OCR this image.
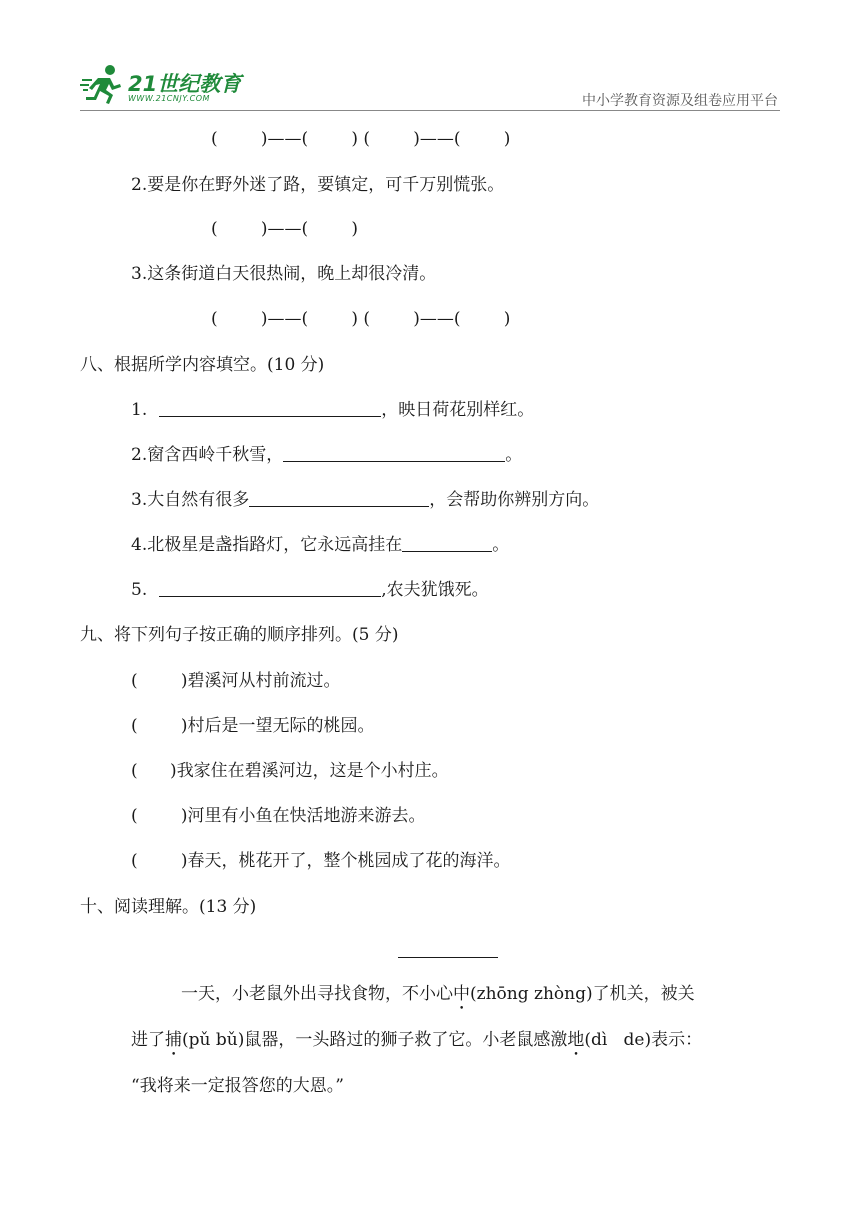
21世纪教育
WWW.21CNJY.COM	中小学教育资源及组卷应用平台
(        )——(        ) (        )——(        )
2.要是你在野外迷了路，要镇定，可千万别慌张。
(        )——(        )
3.这条街道白天很热闹，晚上却很冷清。
(        )——(        ) (        )——(        )
八、根据所学内容填空。(10 分)
1.	，映日荷花别样红。
2.窗含西岭千秋雪，	。
3.大自然有很多	，会帮助你辨别方向。
4.北极星是盏指路灯，它永远高挂在	。
5.	,农夫犹饿死。
九、将下列句子按正确的顺序排列。(5 分)
(        )碧溪河从村前流过。
(        )村后是一望无际的桃园。
(      )我家住在碧溪河边，这是个小村庄。
(        )河里有小鱼在快活地游来游去。
(        )春天，桃花开了，整个桃园成了花的海洋。
十、阅读理解。(13 分)
一天，小老鼠外出寻找食物，不小心中(zhōng zhòng)了机关，被关
进了捕(pǔ bǔ)鼠器，一头路过的狮子救了它。小老鼠感激地(dì   de)表示：
“我将来一定报答您的大恩。”
